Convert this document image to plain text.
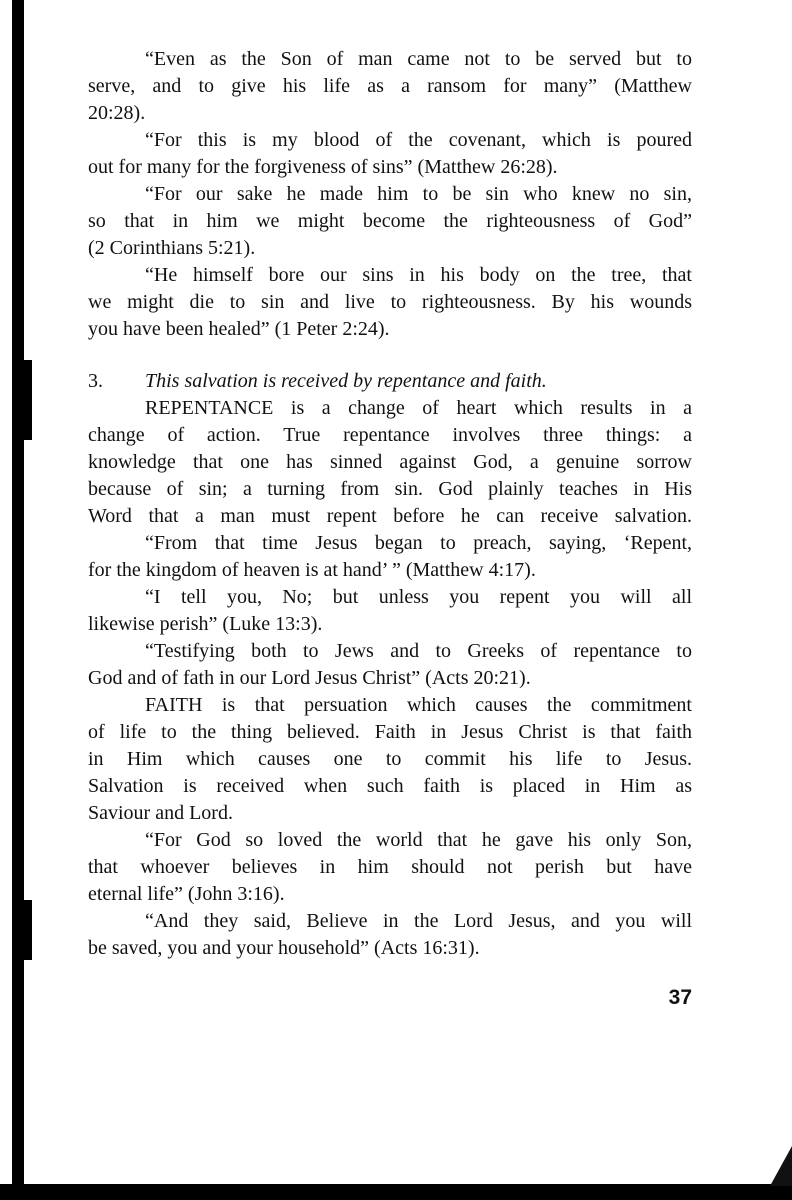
“Even as the Son of man came not to be served but to
serve, and to give his life as a ransom for many” (Matthew
20:28).
“For this is my blood of the covenant, which is poured
out for many for the forgiveness of sins” (Matthew 26:28).
“For our sake he made him to be sin who knew no sin,
so that in him we might become the righteousness of God”
(2 Corinthians 5:21).
“He himself bore our sins in his body on the tree, that
we might die to sin and live to righteousness. By his wounds
you have been healed” (1 Peter 2:24).
3.	This salvation is received by repentance and faith.
REPENTANCE is a change of heart which results in a
change of action. True repentance involves three things: a
knowledge that one has sinned against God, a genuine sorrow
because of sin; a turning from sin. God plainly teaches in His
Word that a man must repent before he can receive salvation.
“From that time Jesus began to preach, saying, ‘Repent,
for the kingdom of heaven is at hand’ ” (Matthew 4:17).
“I tell you, No; but unless you repent you will all
likewise perish” (Luke 13:3).
“Testifying both to Jews and to Greeks of repentance to
God and of fath in our Lord Jesus Christ” (Acts 20:21).
FAITH is that persuation which causes the commitment
of life to the thing believed. Faith in Jesus Christ is that faith
in Him which causes one to commit his life to Jesus.
Salvation is received when such faith is placed in Him as
Saviour and Lord.
“For God so loved the world that he gave his only Son,
that whoever believes in him should not perish but have
eternal life” (John 3:16).
“And they said, Believe in the Lord Jesus, and you will
be saved, you and your household” (Acts 16:31).
37
